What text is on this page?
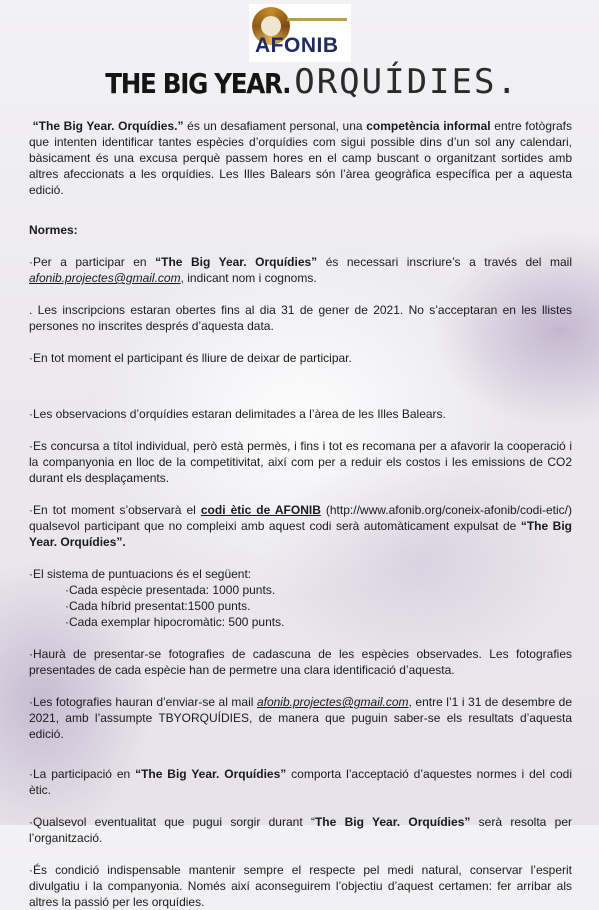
AFONIB
THE BIG YEAR. ORQUÍDIES.

“The Big Year. Orquídies.” és un desafiament personal, una competència informal entre fotògrafs que intenten identificar tantes espècies d’orquídies com sigui possible dins d’un sol any calendari, bàsicament és una excusa perquè passem hores en el camp buscant o organitzant sortides amb altres afeccionats a les orquídies. Les Illes Balears són l’àrea geogràfica específica per a aquesta edició.

Normes:

·Per a participar en “The Big Year. Orquídies” és necessari inscriure’s a través del mail afonib.projectes@gmail.com, indicant nom i cognoms.

. Les inscripcions estaran obertes fins al dia 31 de gener de 2021. No s’acceptaran en les llistes persones no inscrites després d’aquesta data.

·En tot moment el participant és lliure de deixar de participar.

·Les observacions d’orquídies estaran delimitades a l’àrea de les Illes Balears.

·Es concursa a títol individual, però està permès, i fins i tot es recomana per a afavorir la cooperació i la companyonia en lloc de la competitivitat, així com per a reduir els costos i les emissions de CO2 durant els desplaçaments.

·En tot moment s’observarà el codi ètic de AFONIB (http://www.afonib.org/coneix-afonib/codi-etic/) qualsevol participant que no compleixi amb aquest codi serà automàticament expulsat de “The Big Year. Orquídies”.

·El sistema de puntuacions és el següent:

·Cada espècie presentada: 1000 punts.

·Cada híbrid presentat:1500 punts.

·Cada exemplar hipocromàtic: 500 punts.

·Haurà de presentar-se fotografies de cadascuna de les espècies observades. Les fotografies presentades de cada espècie han de permetre una clara identificació d’aquesta.

·Les fotografies hauran d’enviar-se al mail afonib.projectes@gmail.com, entre l’1 i 31 de desembre de 2021, amb l’assumpte TBYORQUÍDIES, de manera que puguin saber-se els resultats d’aquesta edició.

·La participació en “The Big Year. Orquídies” comporta l’acceptació d’aquestes normes i del codi ètic.

·Qualsevol eventualitat que pugui sorgir durant “The Big Year. Orquídies” serà resolta per l’organització.

·És condició indispensable mantenir sempre el respecte pel medi natural, conservar l’esperit divulgatiu i la companyonia. Només així aconseguirem l’objectiu d’aquest certamen: fer arribar als altres la passió per les orquídies.
